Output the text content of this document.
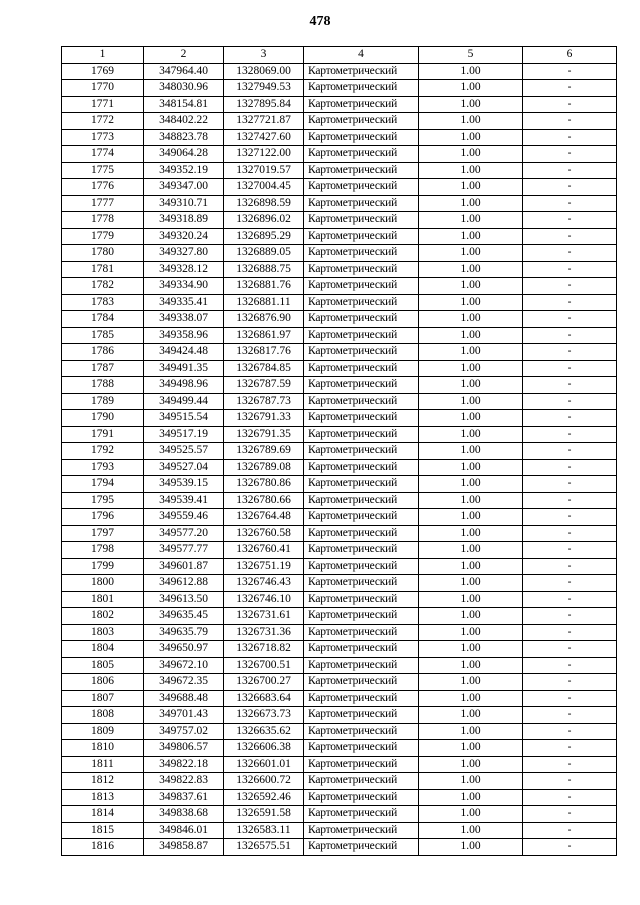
478
1	2	3	4	5	6
1769	347964.40	1328069.00	Картометрический	1.00	-
1770	348030.96	1327949.53	Картометрический	1.00	-
1771	348154.81	1327895.84	Картометрический	1.00	-
1772	348402.22	1327721.87	Картометрический	1.00	-
1773	348823.78	1327427.60	Картометрический	1.00	-
1774	349064.28	1327122.00	Картометрический	1.00	-
1775	349352.19	1327019.57	Картометрический	1.00	-
1776	349347.00	1327004.45	Картометрический	1.00	-
1777	349310.71	1326898.59	Картометрический	1.00	-
1778	349318.89	1326896.02	Картометрический	1.00	-
1779	349320.24	1326895.29	Картометрический	1.00	-
1780	349327.80	1326889.05	Картометрический	1.00	-
1781	349328.12	1326888.75	Картометрический	1.00	-
1782	349334.90	1326881.76	Картометрический	1.00	-
1783	349335.41	1326881.11	Картометрический	1.00	-
1784	349338.07	1326876.90	Картометрический	1.00	-
1785	349358.96	1326861.97	Картометрический	1.00	-
1786	349424.48	1326817.76	Картометрический	1.00	-
1787	349491.35	1326784.85	Картометрический	1.00	-
1788	349498.96	1326787.59	Картометрический	1.00	-
1789	349499.44	1326787.73	Картометрический	1.00	-
1790	349515.54	1326791.33	Картометрический	1.00	-
1791	349517.19	1326791.35	Картометрический	1.00	-
1792	349525.57	1326789.69	Картометрический	1.00	-
1793	349527.04	1326789.08	Картометрический	1.00	-
1794	349539.15	1326780.86	Картометрический	1.00	-
1795	349539.41	1326780.66	Картометрический	1.00	-
1796	349559.46	1326764.48	Картометрический	1.00	-
1797	349577.20	1326760.58	Картометрический	1.00	-
1798	349577.77	1326760.41	Картометрический	1.00	-
1799	349601.87	1326751.19	Картометрический	1.00	-
1800	349612.88	1326746.43	Картометрический	1.00	-
1801	349613.50	1326746.10	Картометрический	1.00	-
1802	349635.45	1326731.61	Картометрический	1.00	-
1803	349635.79	1326731.36	Картометрический	1.00	-
1804	349650.97	1326718.82	Картометрический	1.00	-
1805	349672.10	1326700.51	Картометрический	1.00	-
1806	349672.35	1326700.27	Картометрический	1.00	-
1807	349688.48	1326683.64	Картометрический	1.00	-
1808	349701.43	1326673.73	Картометрический	1.00	-
1809	349757.02	1326635.62	Картометрический	1.00	-
1810	349806.57	1326606.38	Картометрический	1.00	-
1811	349822.18	1326601.01	Картометрический	1.00	-
1812	349822.83	1326600.72	Картометрический	1.00	-
1813	349837.61	1326592.46	Картометрический	1.00	-
1814	349838.68	1326591.58	Картометрический	1.00	-
1815	349846.01	1326583.11	Картометрический	1.00	-
1816	349858.87	1326575.51	Картометрический	1.00	-
